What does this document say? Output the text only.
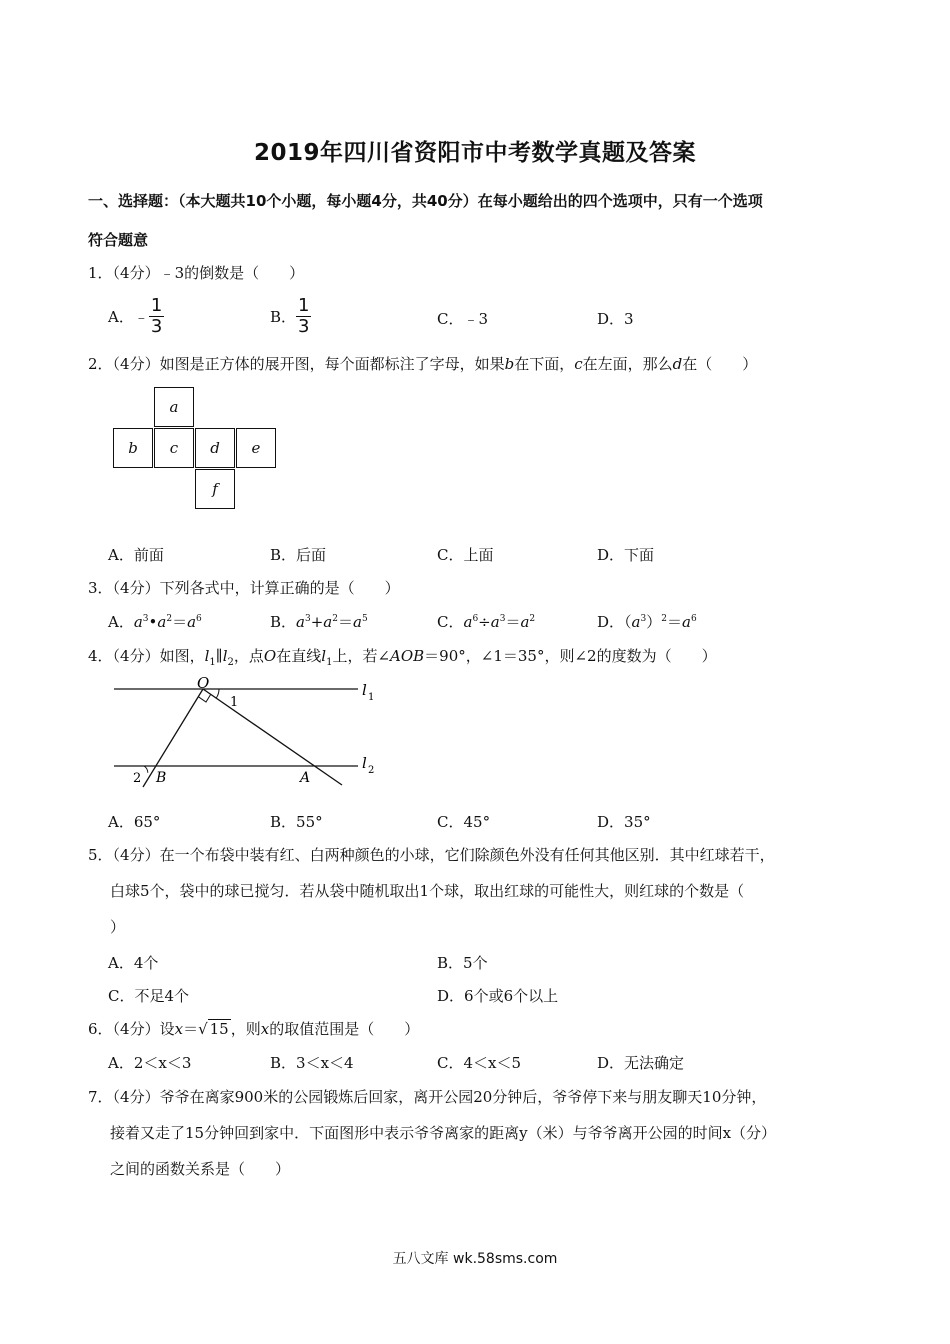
2019年四川省资阳市中考数学真题及答案
一、选择题：（本大题共10个小题，每小题4分，共40分）在每小题给出的四个选项中，只有一个选项
符合题意
1．（4分）﹣3的倒数是（　　）
A．﹣ $\frac{1}{3}$	B． $\frac{1}{3}$	C．﹣3	D．3
2．（4分）如图是正方体的展开图，每个面都标注了字母，如果b在下面，c在左面，那么d在（　　）
a
b	c	d	e
f
A．前面	B．后面	C．上面	D．下面
3．（4分）下列各式中，计算正确的是（　　）
A．$a^3•a^2=a^6$	B．$a^3+a^2=a^5$	C．$a^6\div a^3=a^2$	D．$(a^3)^2=a^6$
4．（4分）如图，$l_1\parallel l_2$，点O在直线$l_1$上，若∠AOB＝90°，∠1＝35°，则∠2的度数为（　　）
O
1
l 1
l 2
2 B	A
A．65°	B．55°	C．45°	D．35°
5．（4分）在一个布袋中装有红、白两种颜色的小球，它们除颜色外没有任何其他区别．其中红球若干，
白球5个，袋中的球已搅匀．若从袋中随机取出1个球，取出红球的可能性大，则红球的个数是（
）
A．4个	B．5个
C．不足4个	D．6个或6个以上
6．（4分）设x＝√ 15 ，则x的取值范围是（　　）
A．2＜x＜3	B．3＜x＜4	C．4＜x＜5	D．无法确定
7．（4分）爷爷在离家900米的公园锻炼后回家，离开公园20分钟后，爷爷停下来与朋友聊天10分钟，
接着又走了15分钟回到家中．下面图形中表示爷爷离家的距离y（米）与爷爷离开公园的时间x（分）
之间的函数关系是（　　）
五八文库 wk.58sms.com
